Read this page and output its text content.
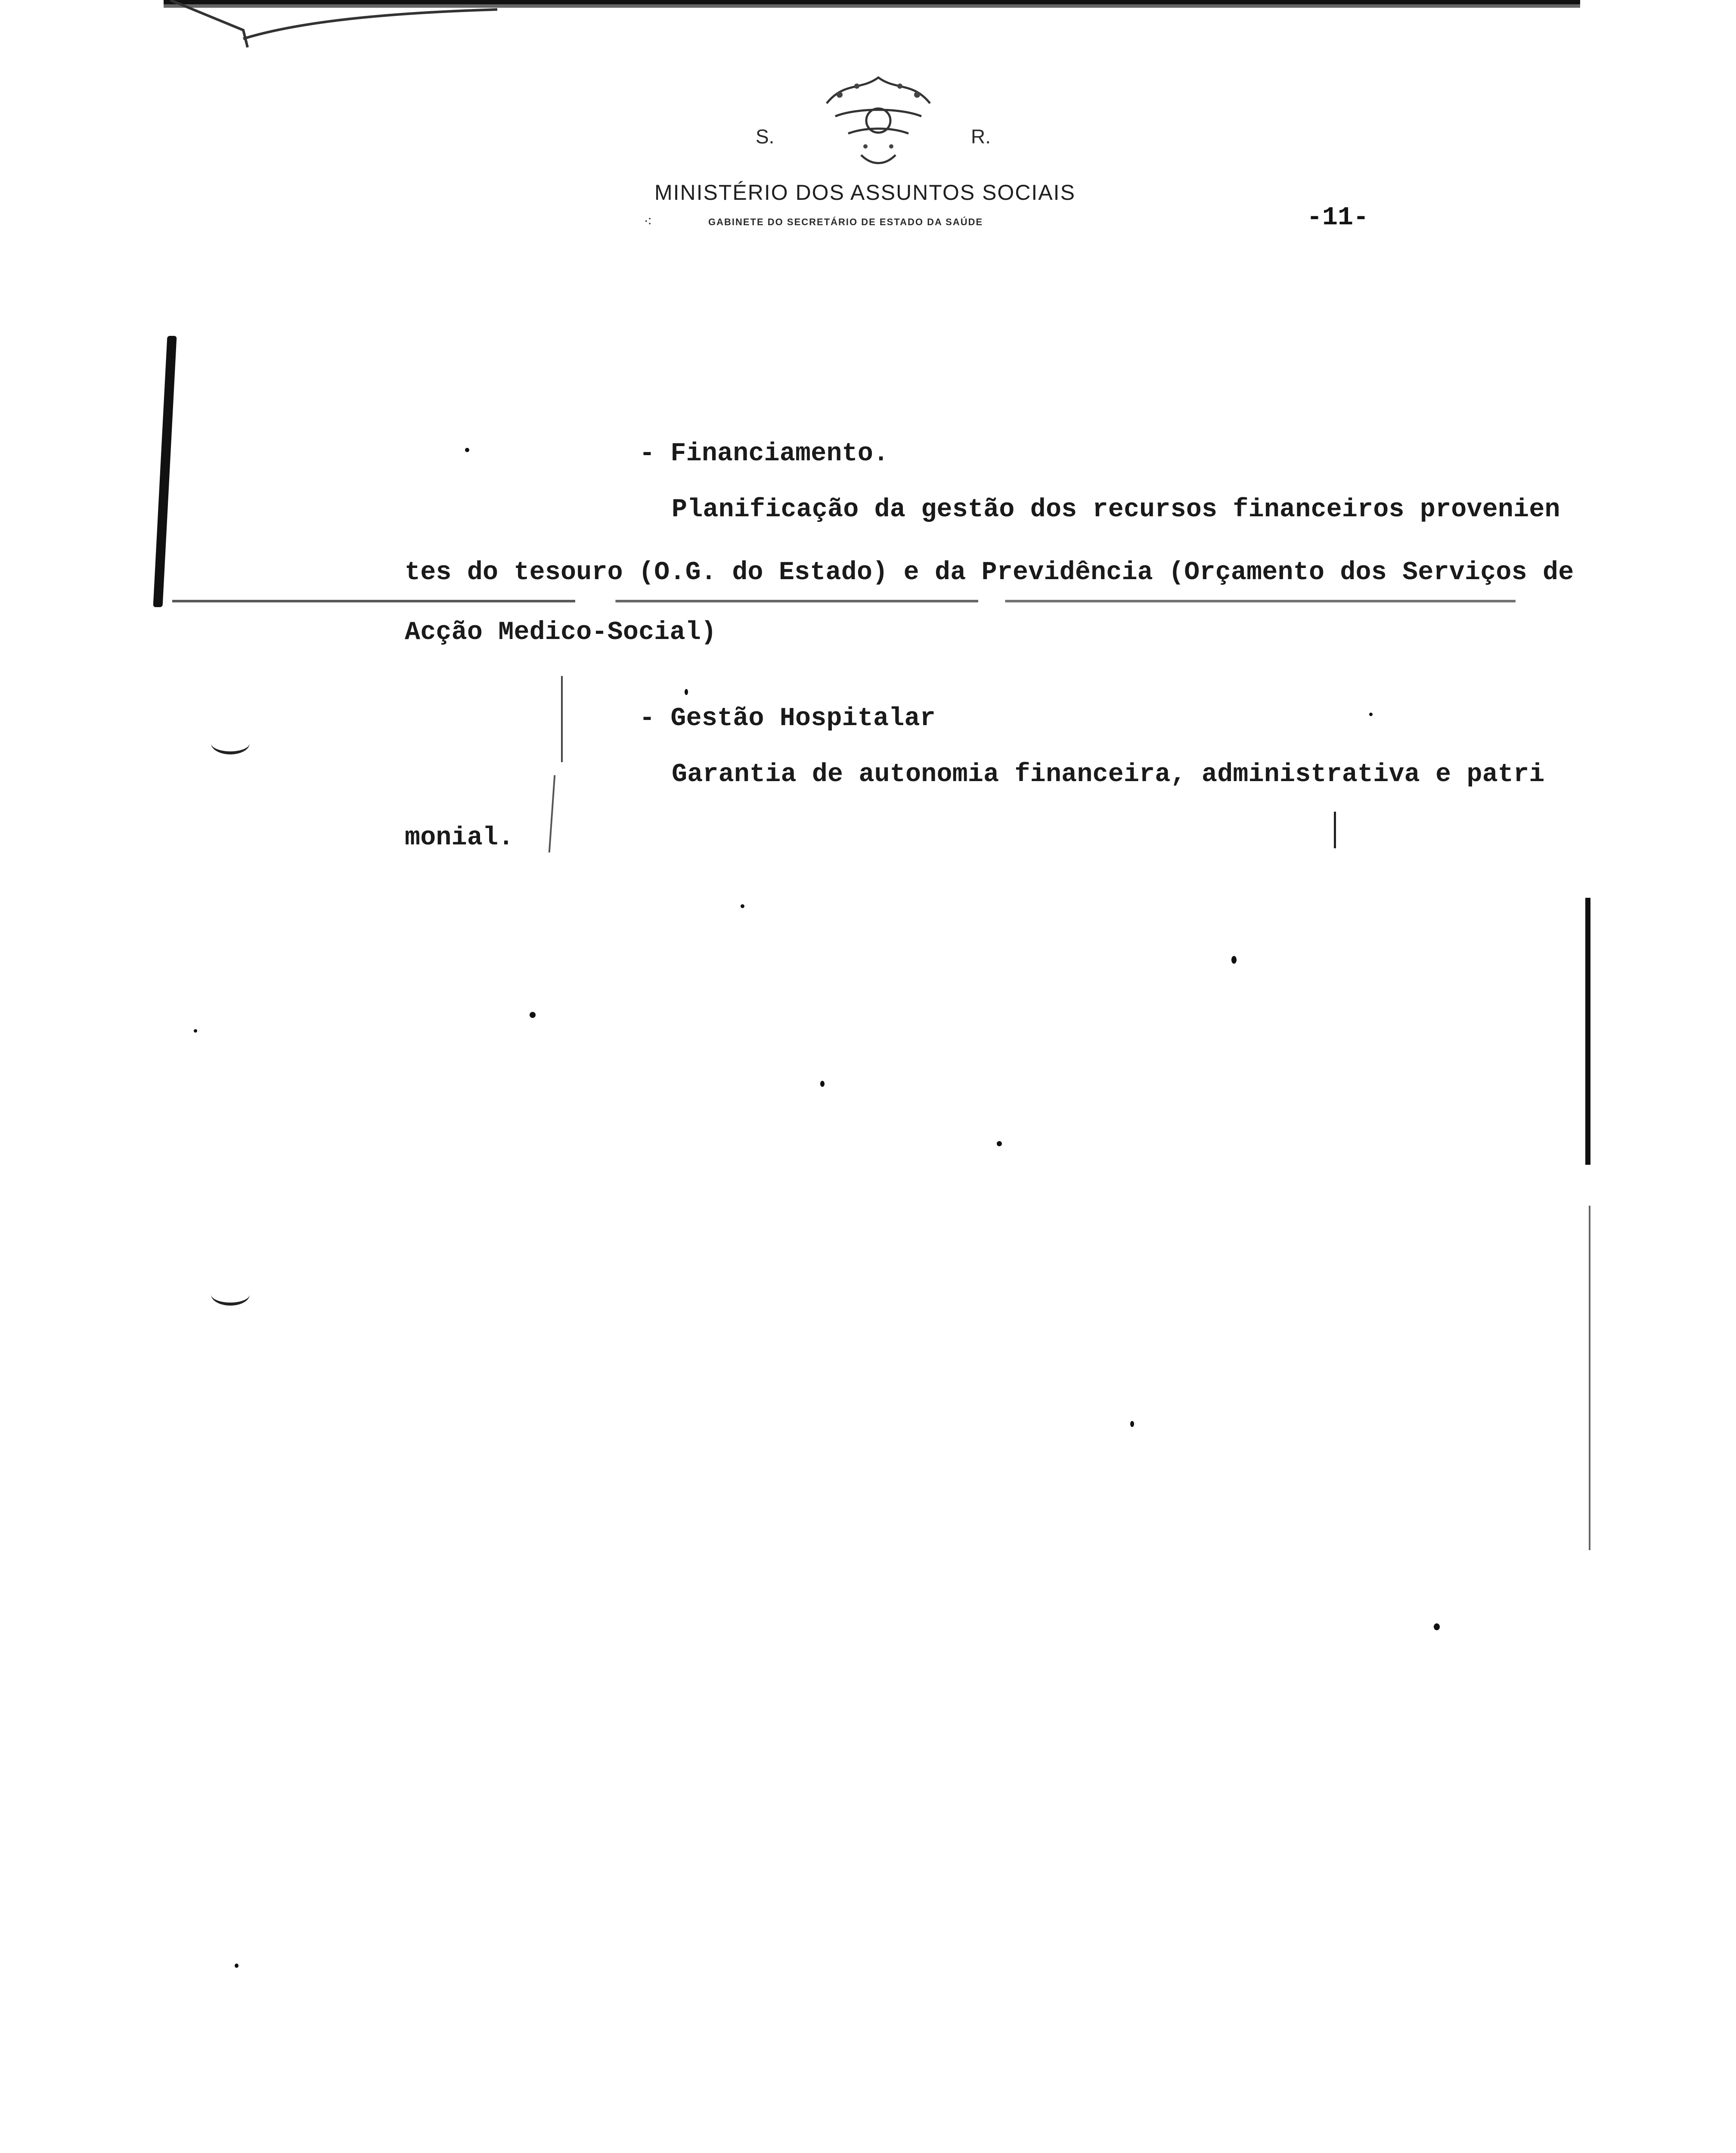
S.	R.
MINISTÉRIO DOS ASSUNTOS SOCIAIS
⁖	GABINETE DO SECRETÁRIO DE ESTADO DA SAÚDE	-11-
- Financiamento.
Planificação da gestão dos recursos financeiros provenien
tes do tesouro (O.G. do Estado) e da Previdência (Orçamento dos Serviços de
Acção Medico-Social)
- Gestão Hospitalar
Garantia de autonomia financeira, administrativa e patri
monial.
